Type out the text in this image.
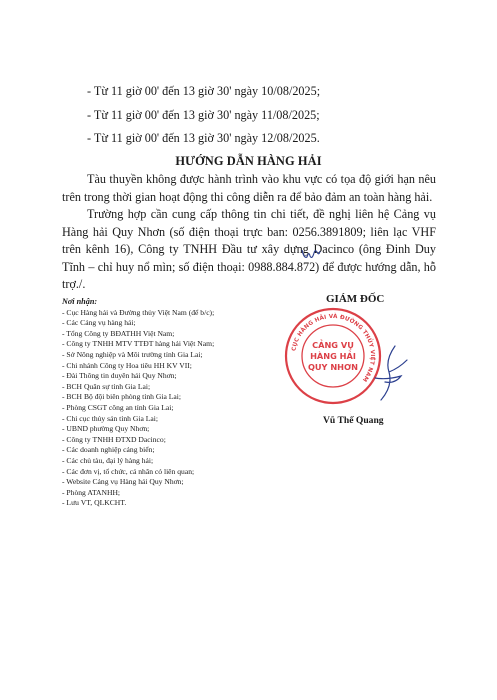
- Từ 11 giờ 00' đến 13 giờ 30' ngày 10/08/2025;
- Từ 11 giờ 00' đến 13 giờ 30' ngày 11/08/2025;
- Từ 11 giờ 00' đến 13 giờ 30' ngày 12/08/2025.
HƯỚNG DẪN HÀNG HẢI
Tàu thuyền không được hành trình vào khu vực có tọa độ giới hạn nêu trên trong thời gian hoạt động thi công diễn ra để bảo đảm an toàn hàng hải.
Trường hợp cần cung cấp thông tin chi tiết, đề nghị liên hệ Cảng vụ Hàng hải Quy Nhơn (số điện thoại trực ban: 0256.3891809; liên lạc VHF trên kênh 16), Công ty TNHH Đầu tư xây dựng Dacinco (ông Đinh Duy Tĩnh – chỉ huy nổ mìn; số điện thoại: 0988.884.872) để được hướng dẫn, hỗ trợ./.
Nơi nhận:
- Cục Hàng hải và Đường thủy Việt Nam (để b/c);
- Các Cảng vụ hàng hải;
- Tổng Công ty BĐATHH Việt Nam;
- Công ty TNHH MTV TTĐT hàng hải Việt Nam;
- Sở Nông nghiệp và Môi trường tỉnh Gia Lai;
- Chi nhánh Công ty Hoa tiêu HH KV VII;
- Đài Thông tin duyên hải Quy Nhơn;
- BCH Quân sự tỉnh Gia Lai;
- BCH Bộ đội biên phòng tỉnh Gia Lai;
- Phòng CSGT công an tỉnh Gia Lai;
- Chi cục thủy sản tỉnh Gia Lai;
- UBND phường Quy Nhơn;
- Công ty TNHH ĐTXD Dacinco;
- Các doanh nghiệp cảng biển;
- Các chủ tàu, đại lý hàng hải;
- Các đơn vị, tổ chức, cá nhân có liên quan;
- Website Cảng vụ Hàng hải Quy Nhơn;
- Phòng ATANHH;
- Lưu VT, QLKCHT.
GIÁM ĐỐC
CỤC HÀNG HẢI VÀ ĐƯỜNG THỦY VIỆT NAM
CẢNG VỤ
HÀNG HẢI
QUY NHƠN
Vũ Thế Quang
